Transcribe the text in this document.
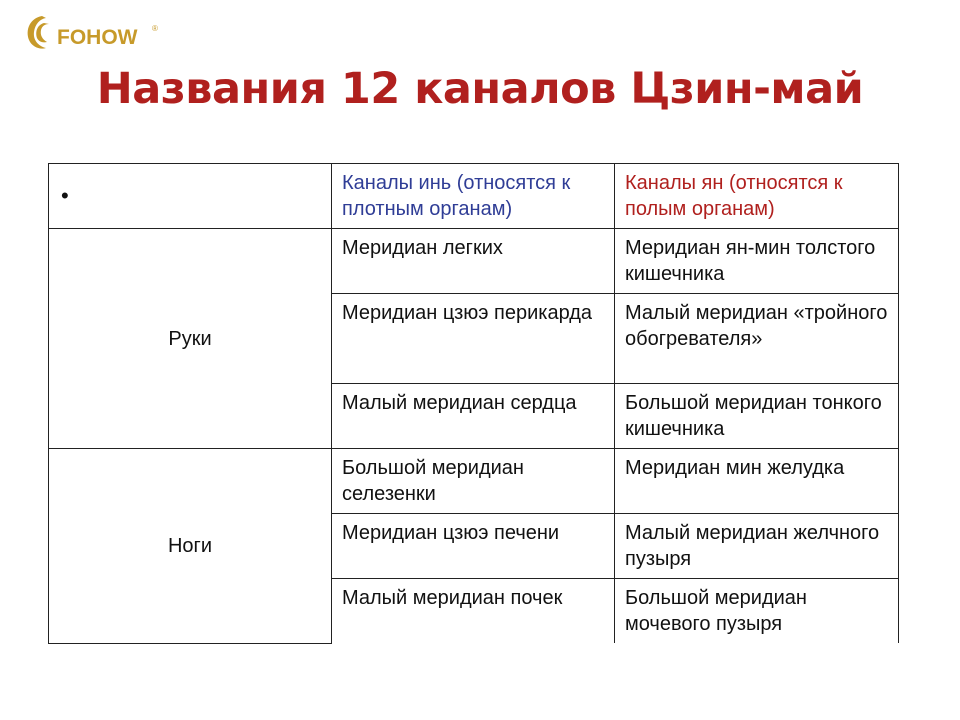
FOHOW ®
Названия 12 каналов Цзин-май
•	Каналы инь (относятся к плотным органам)	Каналы ян (относятся к полым органам)
Руки	Меридиан легких	Меридиан ян-мин толстого кишечника
	Меридиан цзюэ перикарда	Малый меридиан «тройного обогревателя»
	Малый меридиан сердца	Большой меридиан тонкого кишечника
Ноги	Большой меридиан селезенки	Меридиан мин желудка
	Меридиан цзюэ печени	Малый меридиан желчного пузыря
	Малый меридиан почек	Большой меридиан мочевого пузыря
